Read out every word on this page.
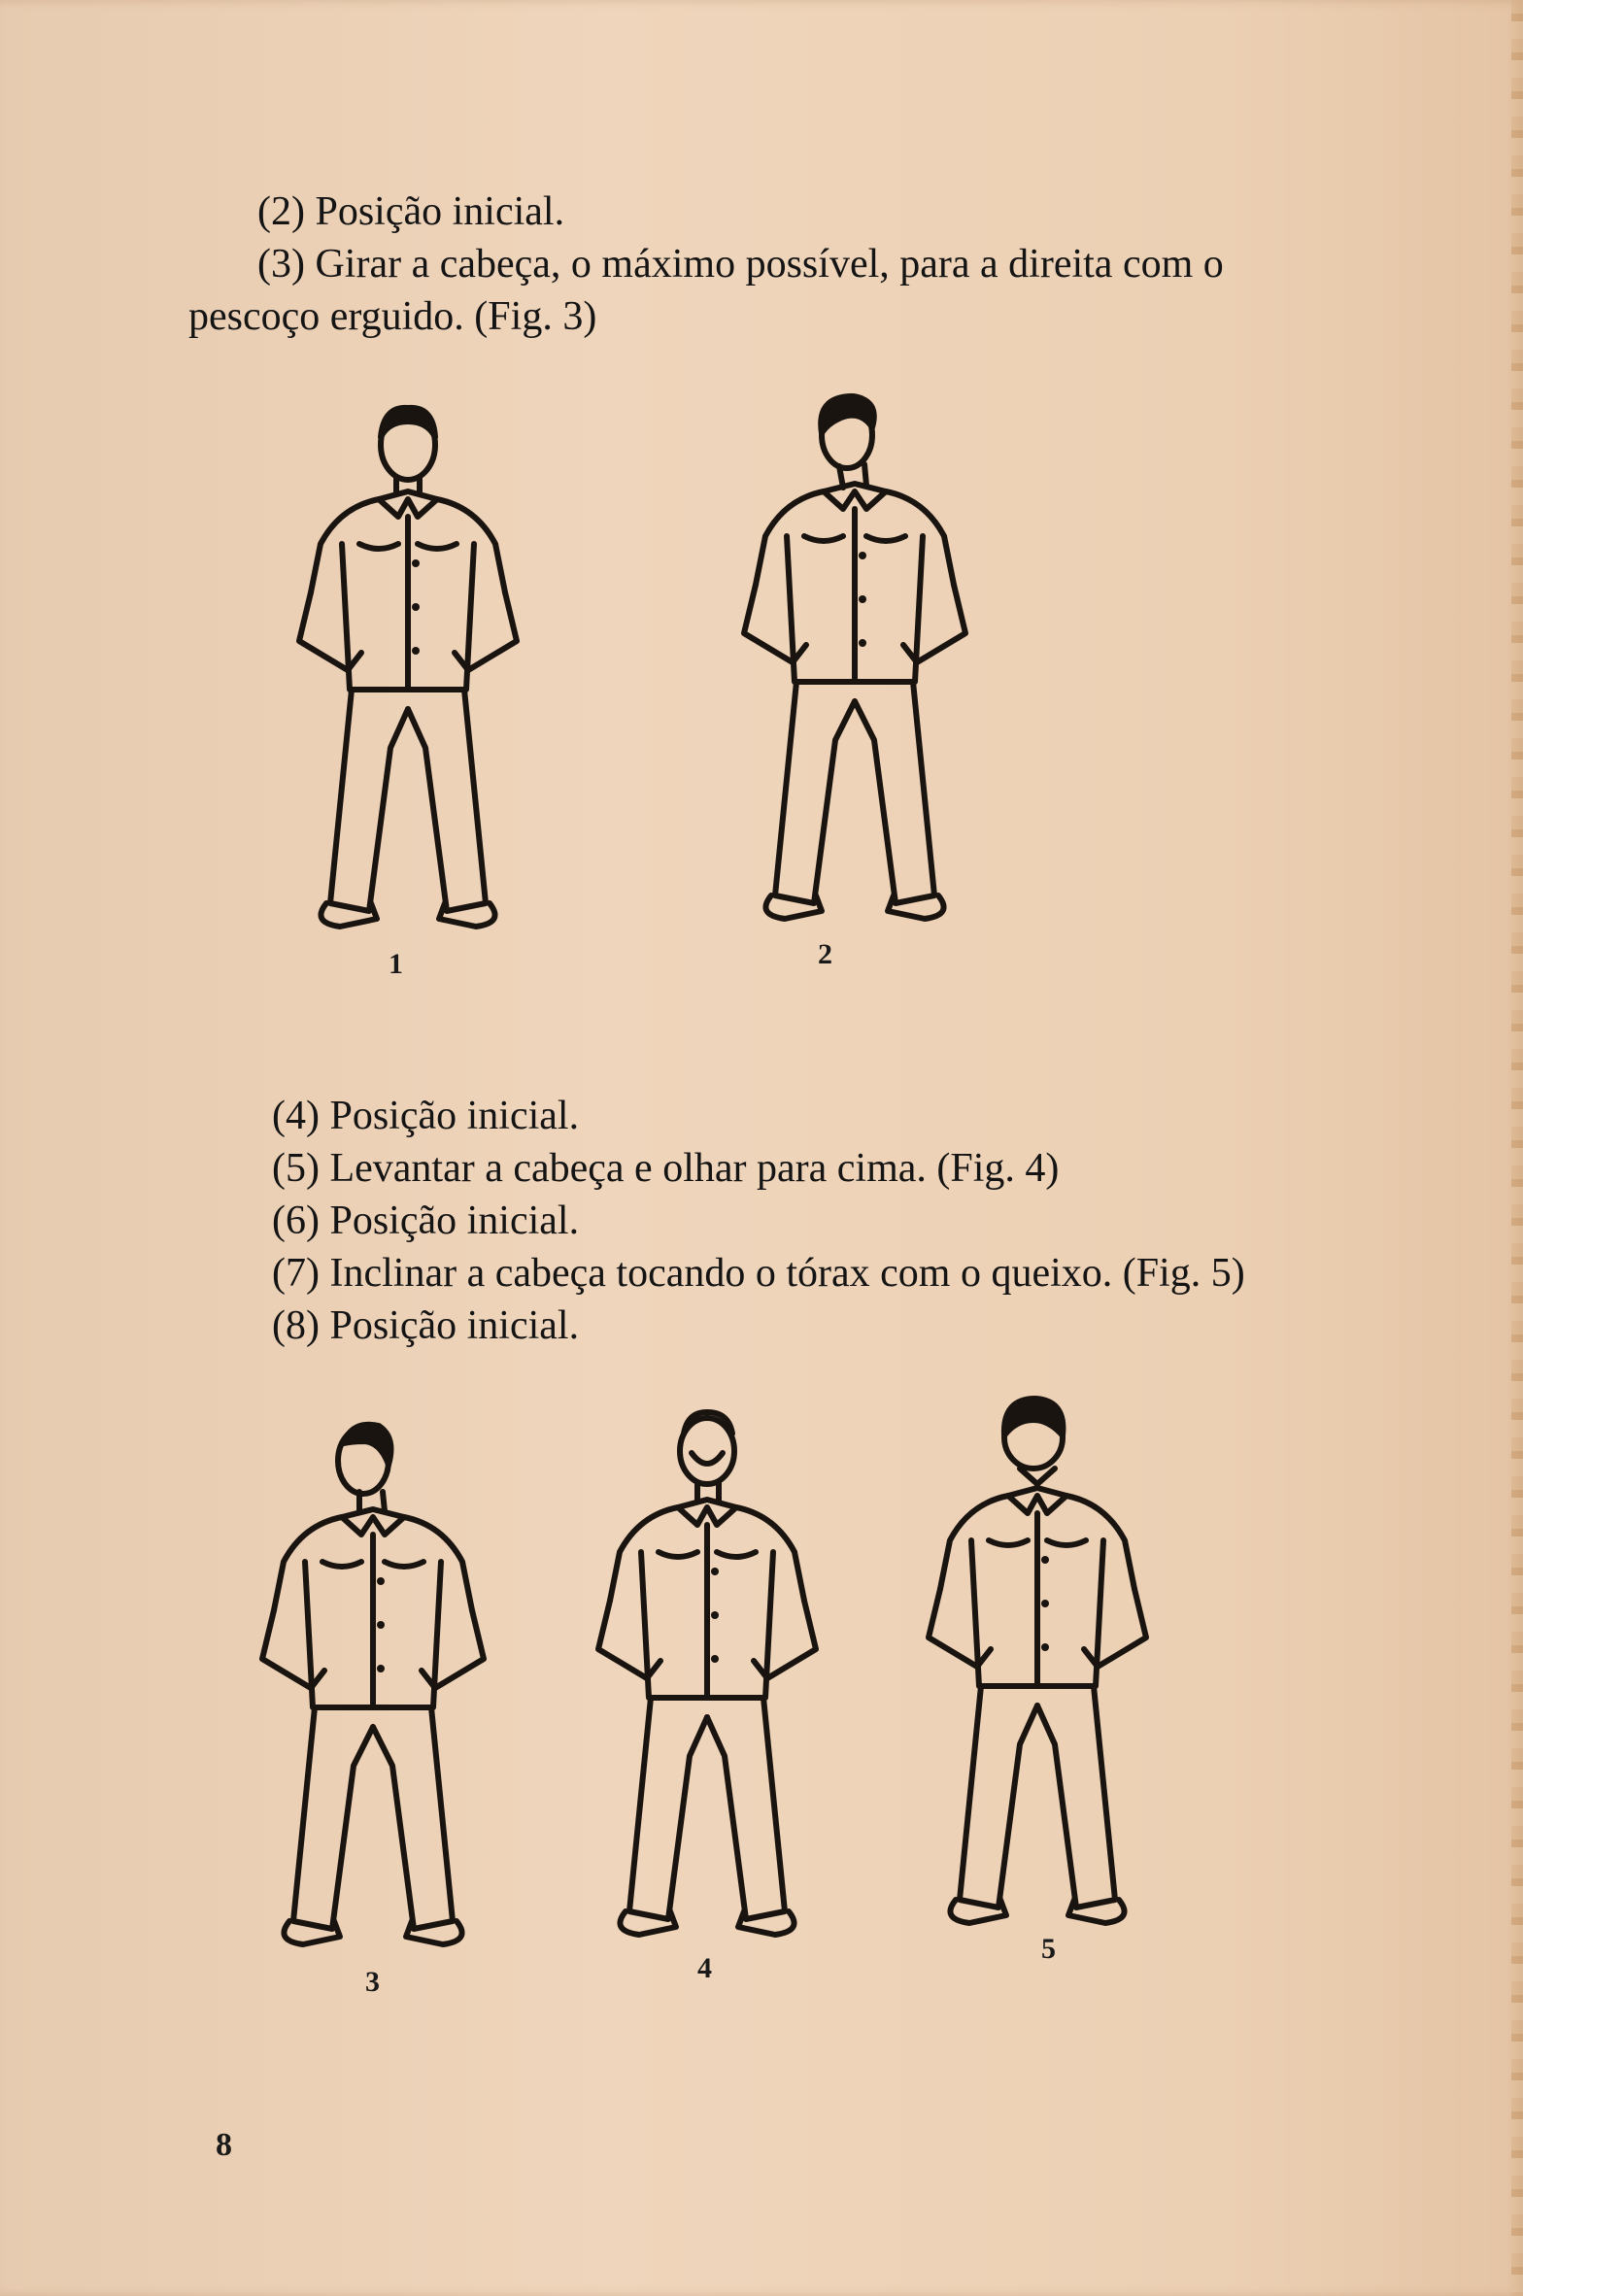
(2) Posição inicial.

(3) Girar a cabeça, o máximo possível, para a direita com o

pescoço erguido. (Fig. 3)

1	2

(4) Posição inicial.

(5) Levantar a cabeça e olhar para cima. (Fig. 4)

(6) Posição inicial.

(7) Inclinar a cabeça tocando o tórax com o queixo. (Fig. 5)

(8) Posição inicial.

3	4
5
8
